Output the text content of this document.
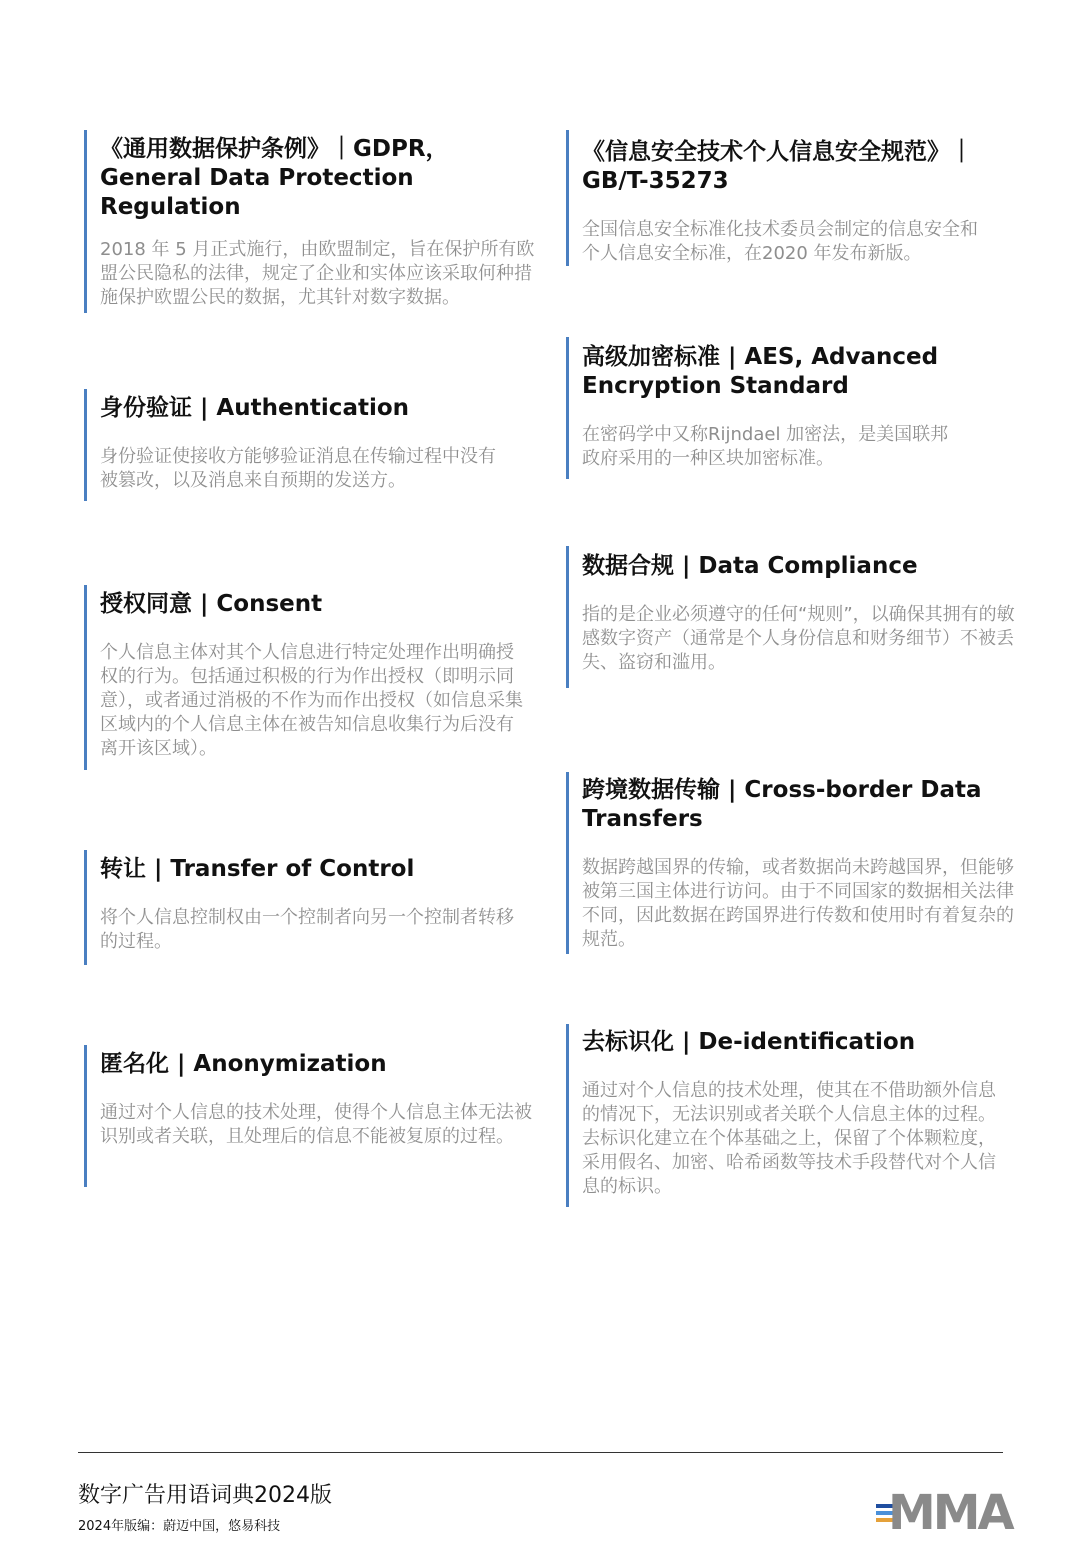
《通用数据保护条例》｜GDPR，General Data Protection Regulation

2018 年 5 月正式施行，由欧盟制定，旨在保护所有欧盟公民隐私的法律，规定了企业和实体应该采取何种措施保护欧盟公民的数据，尤其针对数字数据。

身份验证 | Authentication

身份验证使接收方能够验证消息在传输过程中没有被篡改，以及消息来自预期的发送方。

授权同意 | Consent

个人信息主体对其个人信息进行特定处理作出明确授权的行为。包括通过积极的行为作出授权（即明示同意），或者通过消极的不作为而作出授权（如信息采集区域内的个人信息主体在被告知信息收集行为后没有离开该区域）。

转让 | Transfer of Control

将个人信息控制权由一个控制者向另一个控制者转移的过程。

匿名化 | Anonymization

通过对个人信息的技术处理，使得个人信息主体无法被识别或者关联，且处理后的信息不能被复原的过程。

《信息安全技术个人信息安全规范》｜GB/T-35273

全国信息安全标准化技术委员会制定的信息安全和个人信息安全标准，在2020 年发布新版。

高级加密标准 | AES, Advanced Encryption Standard

在密码学中又称Rijndael 加密法，是美国联邦政府采用的一种区块加密标准。

数据合规 | Data Compliance

指的是企业必须遵守的任何“规则”，以确保其拥有的敏感数字资产（通常是个人身份信息和财务细节）不被丢失、盗窃和滥用。

跨境数据传输 | Cross-border Data Transfers

数据跨越国界的传输，或者数据尚未跨越国界，但能够被第三国主体进行访问。由于不同国家的数据相关法律不同，因此数据在跨国界进行传数和使用时有着复杂的规范。

去标识化 | De-identification

通过对个人信息的技术处理，使其在不借助额外信息的情况下，无法识别或者关联个人信息主体的过程。去标识化建立在个体基础之上，保留了个体颗粒度，采用假名、加密、哈希函数等技术手段替代对个人信息的标识。

数字广告用语词典2024版
2024年版编：蔚迈中国，悠易科技	MMA
